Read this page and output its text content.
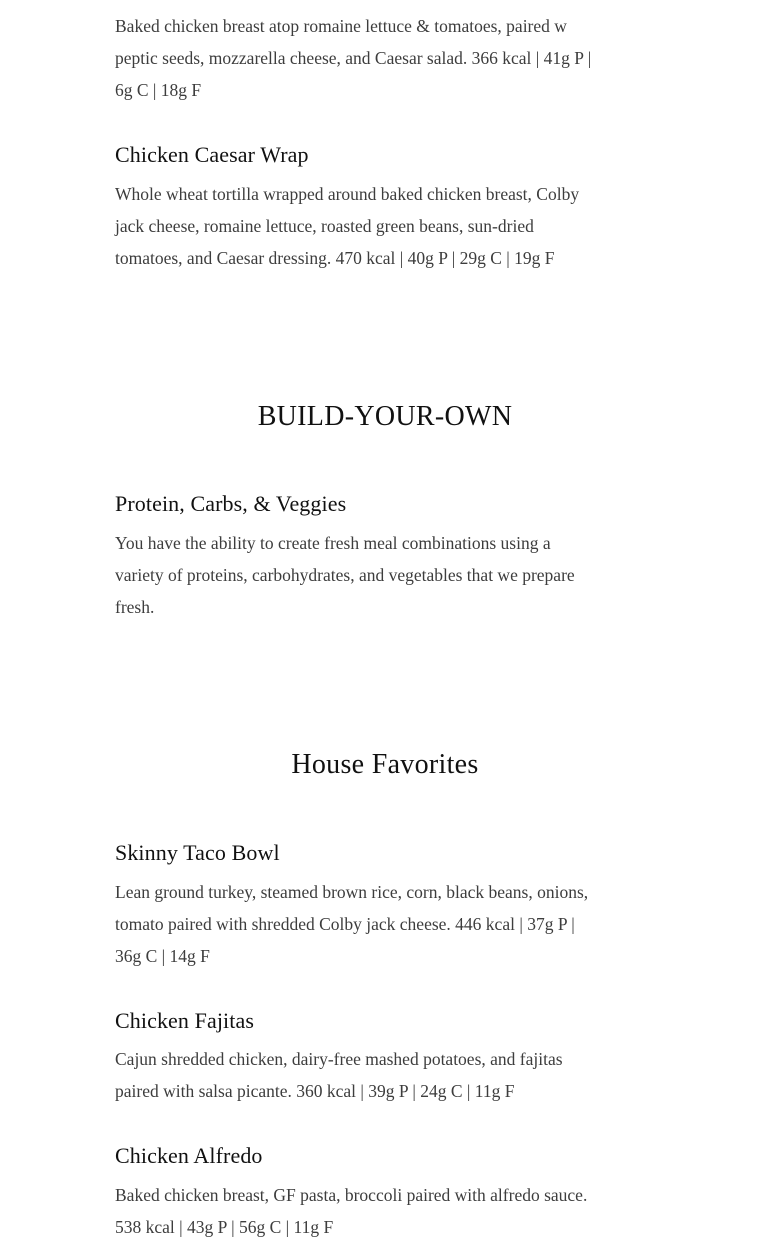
Baked chicken breast atop romaine lettuce & tomatoes, paired w peptic seeds, mozzarella cheese, and Caesar salad. 366 kcal | 41g P | 6g C | 18g F

Chicken Caesar Wrap

Whole wheat tortilla wrapped around baked chicken breast, Colby jack cheese, romaine lettuce, roasted green beans, sun-dried tomatoes, and Caesar dressing. 470 kcal | 40g P | 29g C | 19g F

BUILD-YOUR-OWN
Protein, Carbs, & Veggies

You have the ability to create fresh meal combinations using a variety of proteins, carbohydrates, and vegetables that we prepare fresh.

House Favorites
Skinny Taco Bowl

Lean ground turkey, steamed brown rice, corn, black beans, onions, tomato paired with shredded Colby jack cheese. 446 kcal | 37g P | 36g C | 14g F

Chicken Fajitas

Cajun shredded chicken, dairy-free mashed potatoes, and fajitas paired with salsa picante. 360 kcal | 39g P | 24g C | 11g F

Chicken Alfredo

Baked chicken breast, GF pasta, broccoli paired with alfredo sauce. 538 kcal | 43g P | 56g C | 11g F
